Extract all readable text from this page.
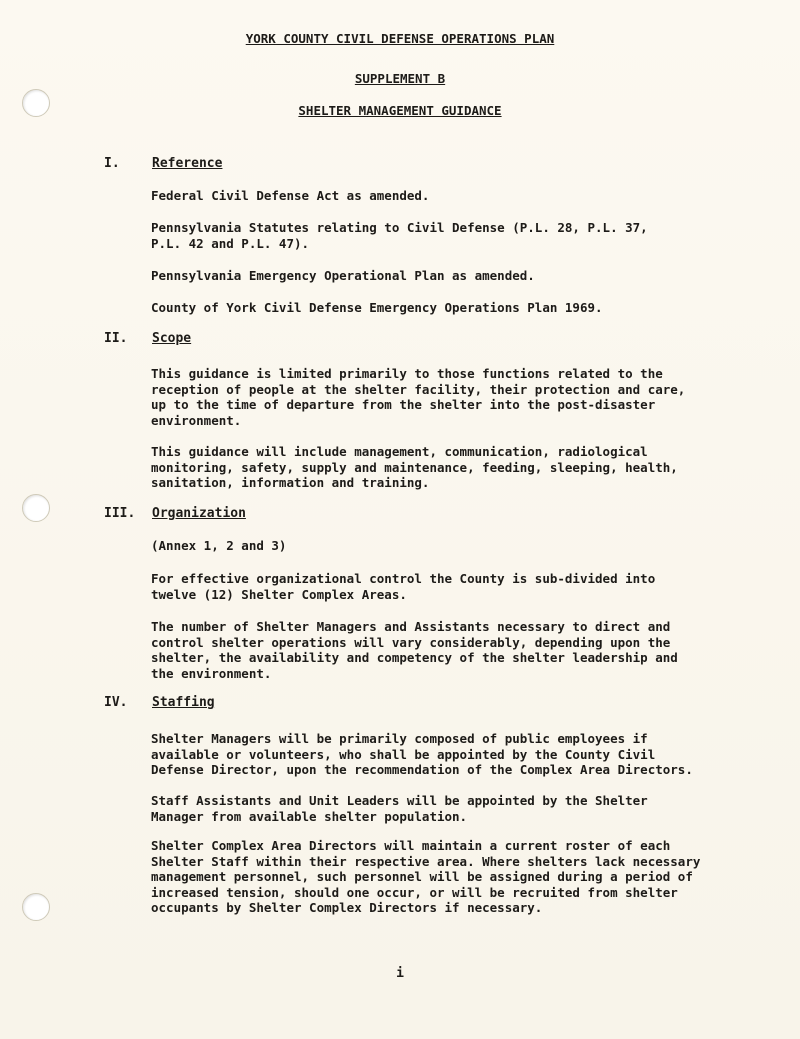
YORK COUNTY CIVIL DEFENSE OPERATIONS PLAN
SUPPLEMENT B
SHELTER MANAGEMENT GUIDANCE
I. Reference
Federal Civil Defense Act as amended.
Pennsylvania Statutes relating to Civil Defense (P.L. 28, P.L. 37,
P.L. 42 and P.L. 47).
Pennsylvania Emergency Operational Plan as amended.
County of York Civil Defense Emergency Operations Plan 1969.
II. Scope
This guidance is limited primarily to those functions related to the
reception of people at the shelter facility, their protection and care,
up to the time of departure from the shelter into the post-disaster
environment.
This guidance will include management, communication, radiological
monitoring, safety, supply and maintenance, feeding, sleeping, health,
sanitation, information and training.
III. Organization
(Annex 1, 2 and 3)
For effective organizational control the County is sub-divided into
twelve (12) Shelter Complex Areas.
The number of Shelter Managers and Assistants necessary to direct and
control shelter operations will vary considerably, depending upon the
shelter, the availability and competency of the shelter leadership and
the environment.
IV. Staffing
Shelter Managers will be primarily composed of public employees if
available or volunteers, who shall be appointed by the County Civil
Defense Director, upon the recommendation of the Complex Area Directors.
Staff Assistants and Unit Leaders will be appointed by the Shelter
Manager from available shelter population.
Shelter Complex Area Directors will maintain a current roster of each
Shelter Staff within their respective area. Where shelters lack necessary
management personnel, such personnel will be assigned during a period of
increased tension, should one occur, or will be recruited from shelter
occupants by Shelter Complex Directors if necessary.
i
